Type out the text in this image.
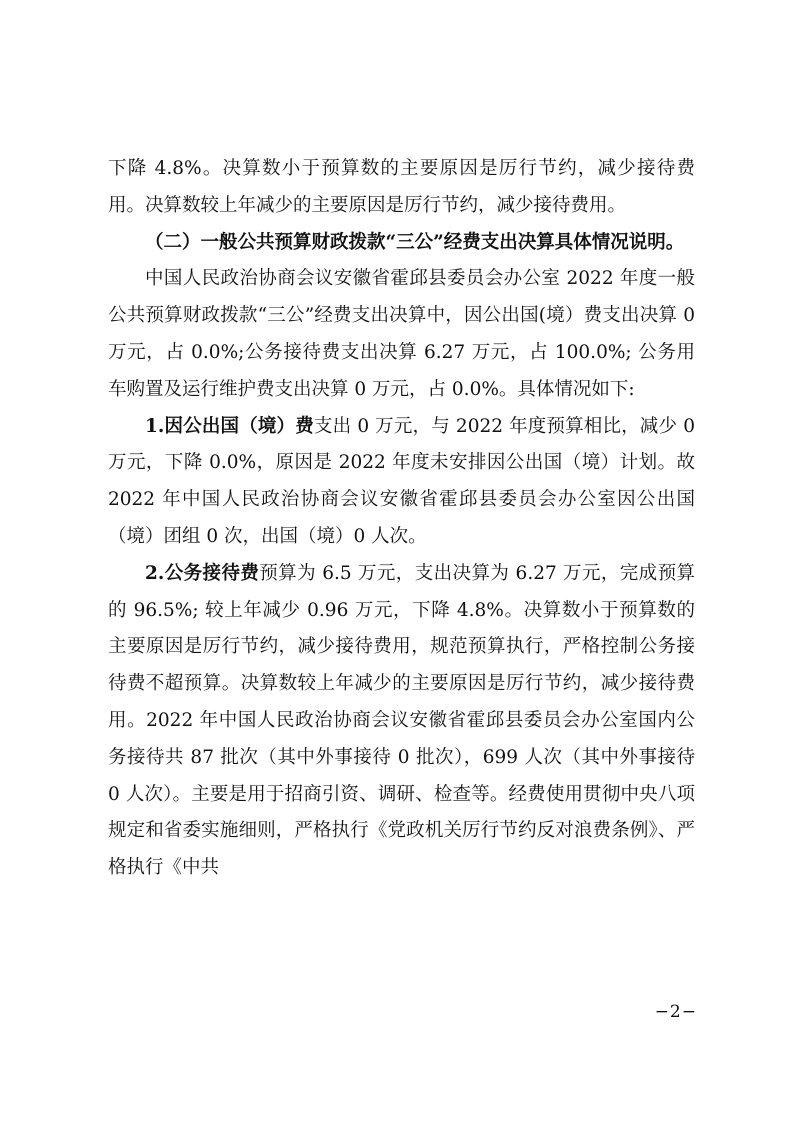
下降 4.8%。决算数小于预算数的主要原因是厉行节约，减少接待费用。决算数较上年减少的主要原因是厉行节约，减少接待费用。

（二）一般公共预算财政拨款“三公”经费支出决算具体情况说明。

中国人民政治协商会议安徽省霍邱县委员会办公室 2022 年度一般公共预算财政拨款“三公”经费支出决算中，因公出国(境）费支出决算 0 万元，占 0.0%;公务接待费支出决算 6.27 万元，占 100.0%; 公务用车购置及运行维护费支出决算 0 万元，占 0.0%。具体情况如下:

1.因公出国（境）费支出 0 万元，与 2022 年度预算相比，减少 0 万元，下降 0.0%，原因是 2022 年度未安排因公出国（境）计划。故 2022 年中国人民政治协商会议安徽省霍邱县委员会办公室因公出国（境）团组 0 次，出国（境）0 人次。

2.公务接待费预算为 6.5 万元，支出决算为 6.27 万元，完成预算的 96.5%; 较上年减少 0.96 万元，下降 4.8%。决算数小于预算数的主要原因是厉行节约，减少接待费用，规范预算执行，严格控制公务接待费不超预算。决算数较上年减少的主要原因是厉行节约，减少接待费用。2022 年中国人民政治协商会议安徽省霍邱县委员会办公室国内公务接待共 87 批次（其中外事接待 0 批次），699 人次（其中外事接待 0 人次）。主要是用于招商引资、调研、检查等。经费使用贯彻中央八项规定和省委实施细则，严格执行《党政机关厉行节约反对浪费条例》、严格执行《中共

−2−
